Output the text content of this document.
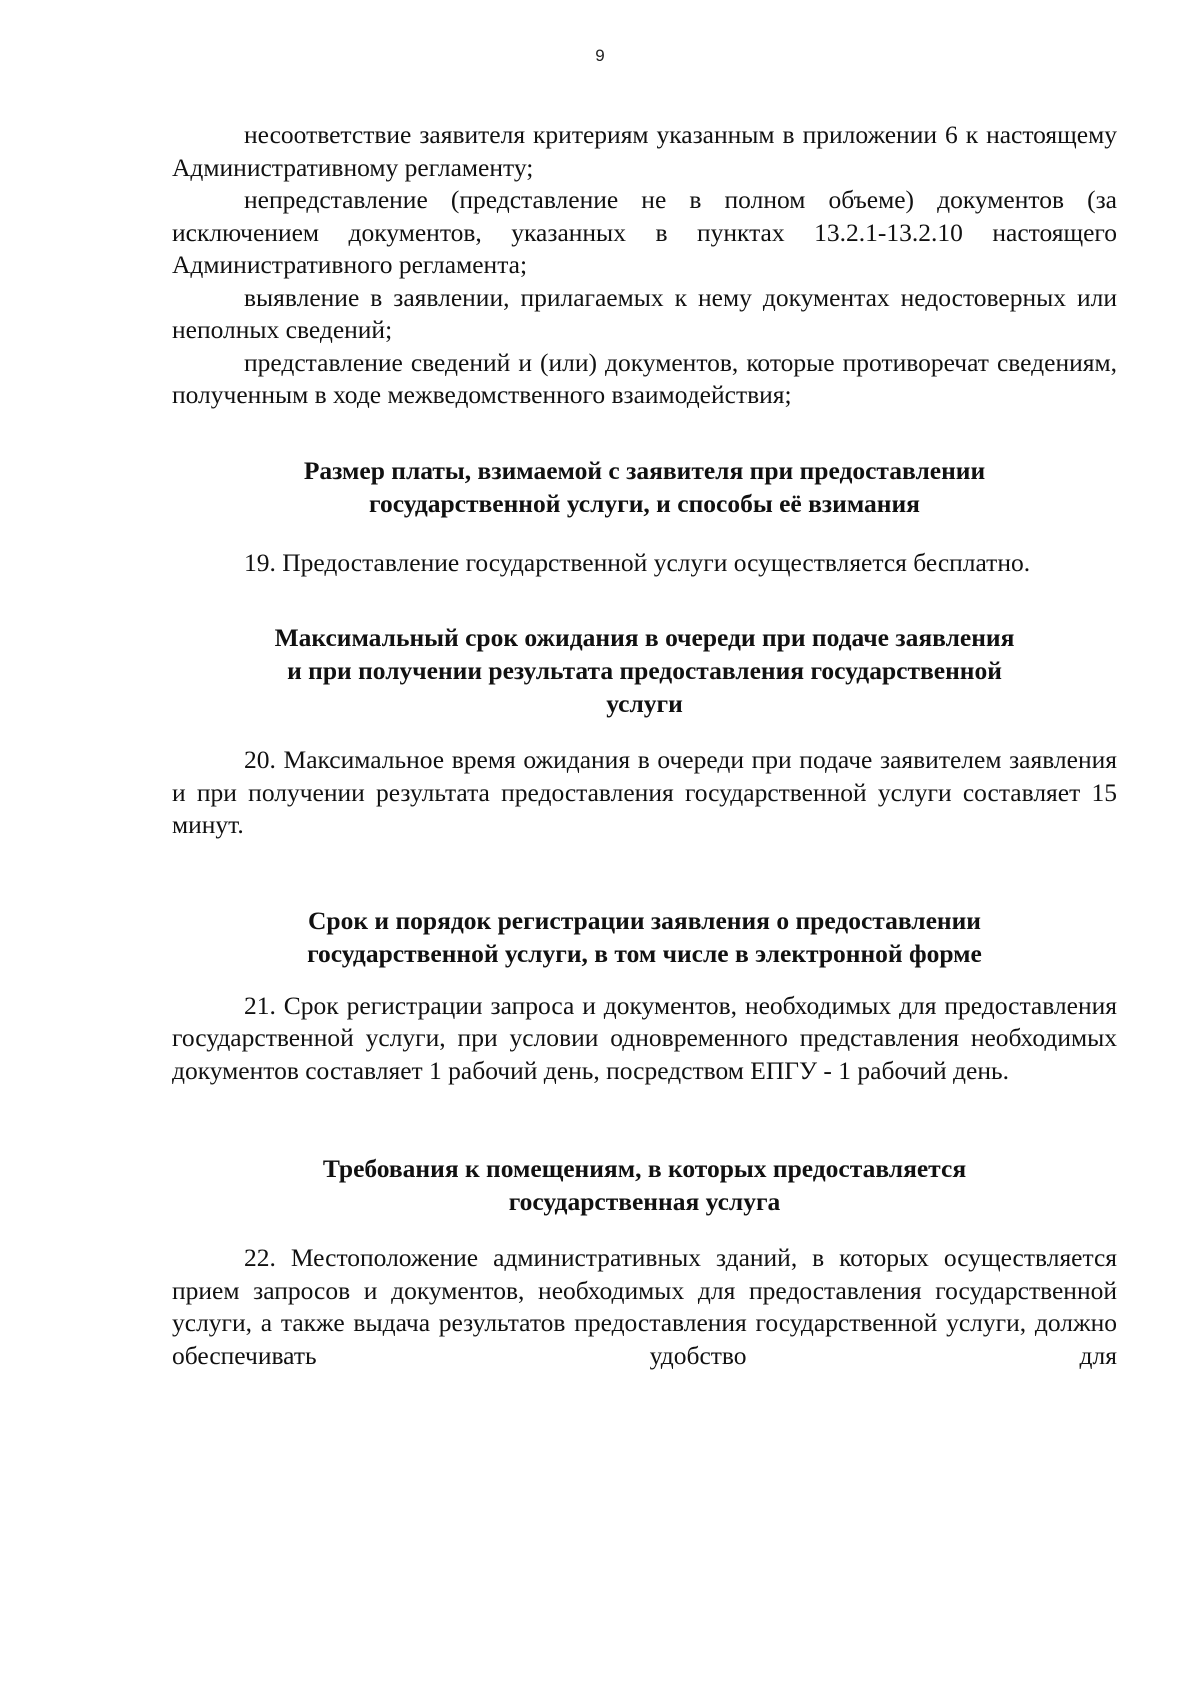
9

несоответствие заявителя критериям указанным в приложении 6 к настоящему Административному регламенту;

непредставление (представление не в полном объеме) документов (за исключением документов, указанных в пунктах 13.2.1-13.2.10 настоящего Административного регламента;

выявление в заявлении, прилагаемых к нему документах недостоверных или неполных сведений;

представление сведений и (или) документов, которые противоречат сведениям, полученным в ходе межведомственного взаимодействия;

Размер платы, взимаемой с заявителя при предоставлении
государственной услуги, и способы её взимания

19. Предоставление государственной услуги осуществляется бесплатно.

Максимальный срок ожидания в очереди при подаче заявления
и при получении результата предоставления государственной
услуги

20. Максимальное время ожидания в очереди при подаче заявителем заявления и при получении результата предоставления государственной услуги составляет 15 минут.

Срок и порядок регистрации заявления о предоставлении
государственной услуги, в том числе в электронной форме

21. Срок регистрации запроса и документов, необходимых для предоставления государственной услуги, при условии одновременного представления необходимых документов составляет 1 рабочий день, посредством ЕПГУ - 1 рабочий день.

Требования к помещениям, в которых предоставляется
государственная услуга

22. Местоположение административных зданий, в которых осуществляется прием запросов и документов, необходимых для предоставления государственной услуги, а также выдача результатов предоставления государственной услуги, должно обеспечивать удобство для
